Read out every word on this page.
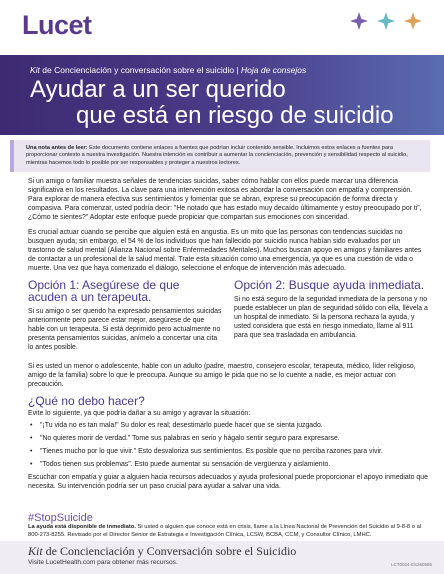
Lucet
Kit de Concienciación y conversación sobre el suicidio | Hoja de consejos
Ayudar a un ser querido
que está en riesgo de suicidio
Una nota antes de leer: Este documento contiene enlaces a fuentes que podrían incluir contenido sensible. Incluimos estos enlaces a fuentes para proporcionar contexto a nuestra investigación. Nuestra intención es contribuir a aumentar la concienciación, prevención y sensibilidad respecto al suicidio, mientras hacemos todo lo posible por ser responsables y proteger a nuestros lectores.

Si un amigo o familiar muestra señales de tendencias suicidas, saber cómo hablar con ellos puede marcar una diferencia significativa en los resultados. La clave para una intervención exitosa es abordar la conversación con empatía y comprensión. Para explorar de manera efectiva sus sentimientos y fomentar que se abran, exprese su preocupación de forma directa y compasiva. Para comenzar, usted podría decir: "He notado que has estado muy decaído últimamente y estoy preocupado por ti", ¿Cómo te sientes?" Adoptar este enfoque puede propiciar que compartan sus emociones con sinceridad.

Es crucial actuar cuando se percibe que alguien está en angustia. Es un mito que las personas con tendencias suicidas no busquen ayuda; sin embargo, el 54 % de los individuos que han fallecido por suicidio nunca habían sido evaluados por un trastorno de salud mental (Alianza Nacional sobre Enfermedades Mentales). Muchos buscan apoyo en amigos y familiares antes de contactar a un profesional de la salud mental. Trate esta situación como una emergencia, ya que es una cuestión de vida o muerte. Una vez que haya comenzado el diálogo, seleccione el enfoque de intervención más adecuado.

Opción 1: Asegúrese de que acuden a un terapeuta.

Si su amigo o ser querido ha expresado pensamientos suicidas anteriormente pero parece estar mejor, asegúrese de que hable con un terapeuta. Si está deprimido pero actualmente no presenta pensamientos suicidas, anímelo a concertar una cita lo antes posible.

Opción 2: Busque ayuda inmediata.

Si no está seguro de la seguridad inmediata de la persona y no puede establecer un plan de seguridad sólido con ella, llévela a un hospital de inmediato. Si la persona rechaza la ayuda, y usted considera que está en riesgo inmediato, llame al 911 para que sea trasladada en ambulancia.

Si es usted un menor o adolescente, hable con un adulto (padre, maestro, consejero escolar, terapeuta, médico, líder religioso, amigo de la familia) sobre lo que le preocupa. Aunque su amigo le pida que no se lo cuente a nadie, es mejor actuar con precaución.

¿Qué no debo hacer?

Evite lo siguiente, ya que podría dañar a su amigo y agravar la situación:

• "¡Tu vida no es tan mala!" Su dolor es real; desestimarlo puede hacer que se sienta juzgado.
• "No quieres morir de verdad." Tome sus palabras en serio y hágalo sentir seguro para expresarse.
• "Tienes mucho por lo que vivir." Esto desvaloriza sus sentimientos. Es posible que no perciba razones para vivir.
• "Todos tienen sus problemas". Esto puede aumentar su sensación de vergüenza y aislamiento.

Escuchar con empatía y guiar a alguien hacia recursos adecuados y ayuda profesional puede proporcionar el apoyo inmediato que necesita. Su intervención podría ser un paso crucial para ayudar a salvar una vida.

#StopSuicide
La ayuda está disponible de inmediato. Si usted o alguien que conoce está en crisis, llame a la Línea Nacional de Prevención del Suicidio al 9-8-8 o al 800-273-8255. Revisado por el Director Senior de Estrategia e Investigación Clínica, LCSW, BCBA, CCM, y Consultor Clínico, LMHC.
Kit de Concienciación y Conversación sobre el Suicidio
Visite LucetHealth.com para obtener más recursos.	LCT0024-ES260585
